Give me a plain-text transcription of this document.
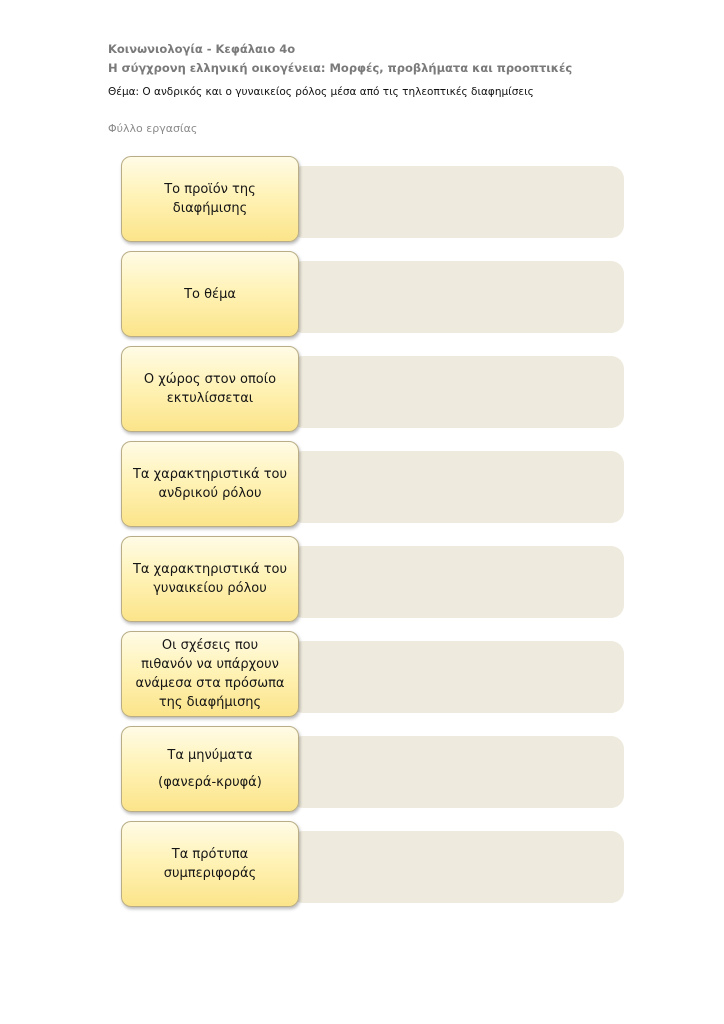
Κοινωνιολογία - Κεφάλαιο 4ο
Η σύγχρονη ελληνική οικογένεια: Μορφές, προβλήματα και προοπτικές
Θέμα: Ο ανδρικός και ο γυναικείος ρόλος μέσα από τις τηλεοπτικές διαφημίσεις
Φύλλο εργασίας
Το προϊόν της
διαφήμισης
Το θέμα
Ο χώρος στον οποίο
εκτυλίσσεται
Τα χαρακτηριστικά του
ανδρικού ρόλου
Τα χαρακτηριστικά του
γυναικείου ρόλου
Οι σχέσεις που
πιθανόν να υπάρχουν
ανάμεσα στα πρόσωπα
της διαφήμισης
Τα μηνύματα
(φανερά-κρυφά)
Τα πρότυπα
συμπεριφοράς
